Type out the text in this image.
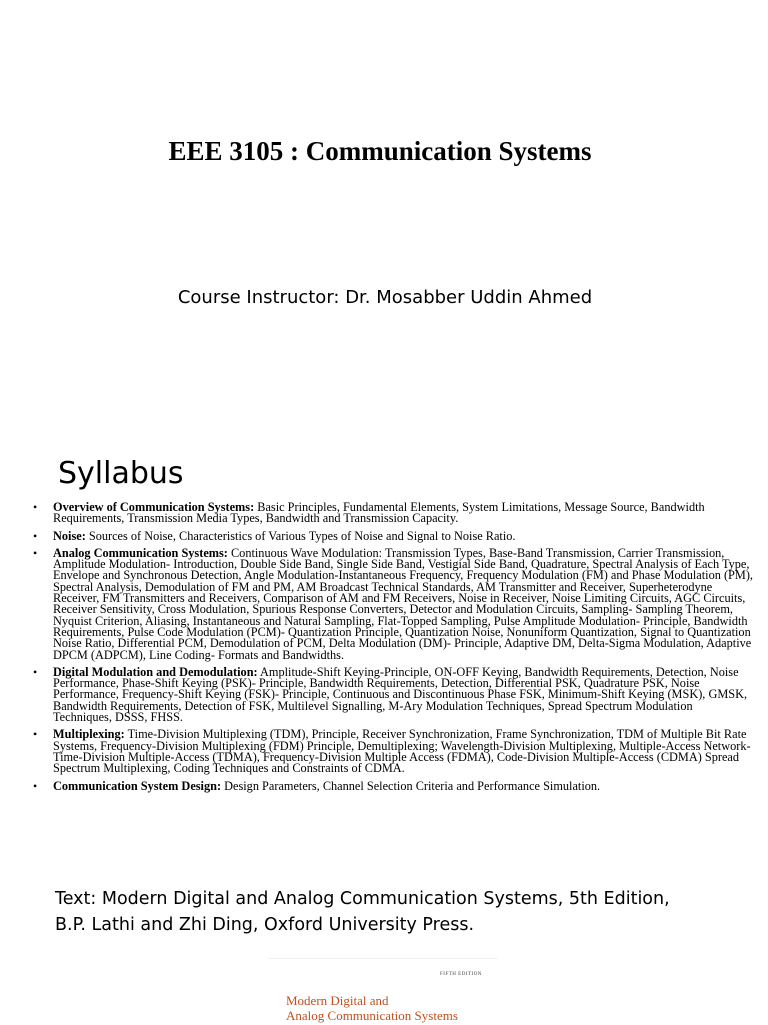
EEE 3105 : Communication Systems
Course Instructor: Dr. Mosabber Uddin Ahmed
Syllabus
• Overview of Communication Systems: Basic Principles, Fundamental Elements, System Limitations, Message Source, Bandwidth Requirements, Transmission Media Types, Bandwidth and Transmission Capacity.
• Noise: Sources of Noise, Characteristics of Various Types of Noise and Signal to Noise Ratio.
• Analog Communication Systems: Continuous Wave Modulation: Transmission Types, Base-Band Transmission, Carrier Transmission, Amplitude Modulation- Introduction, Double Side Band, Single Side Band, Vestigial Side Band, Quadrature, Spectral Analysis of Each Type, Envelope and Synchronous Detection, Angle Modulation-Instantaneous Frequency, Frequency Modulation (FM) and Phase Modulation (PM), Spectral Analysis, Demodulation of FM and PM, AM Broadcast Technical Standards, AM Transmitter and Receiver, Superheterodyne Receiver, FM Transmitters and Receivers, Comparison of AM and FM Receivers, Noise in Receiver, Noise Limiting Circuits, AGC Circuits, Receiver Sensitivity, Cross Modulation, Spurious Response Converters, Detector and Modulation Circuits, Sampling- Sampling Theorem, Nyquist Criterion, Aliasing, Instantaneous and Natural Sampling, Flat-Topped Sampling, Pulse Amplitude Modulation- Principle, Bandwidth Requirements, Pulse Code Modulation (PCM)- Quantization Principle, Quantization Noise, Nonuniform Quantization, Signal to Quantization Noise Ratio, Differential PCM, Demodulation of PCM, Delta Modulation (DM)- Principle, Adaptive DM, Delta-Sigma Modulation, Adaptive DPCM (ADPCM), Line Coding- Formats and Bandwidths.
• Digital Modulation and Demodulation: Amplitude-Shift Keying-Principle, ON-OFF Keying, Bandwidth Requirements, Detection, Noise Performance, Phase-Shift Keying (PSK)- Principle, Bandwidth Requirements, Detection, Differential PSK, Quadrature PSK, Noise Performance, Frequency-Shift Keying (FSK)- Principle, Continuous and Discontinuous Phase FSK, Minimum-Shift Keying (MSK), GMSK, Bandwidth Requirements, Detection of FSK, Multilevel Signalling, M-Ary Modulation Techniques, Spread Spectrum Modulation Techniques, DSSS, FHSS.
• Multiplexing: Time-Division Multiplexing (TDM), Principle, Receiver Synchronization, Frame Synchronization, TDM of Multiple Bit Rate Systems, Frequency-Division Multiplexing (FDM) Principle, Demultiplexing; Wavelength-Division Multiplexing, Multiple-Access Network- Time-Division Multiple-Access (TDMA), Frequency-Division Multiple Access (FDMA), Code-Division Multiple-Access (CDMA) Spread Spectrum Multiplexing, Coding Techniques and Constraints of CDMA.
• Communication System Design: Design Parameters, Channel Selection Criteria and Performance Simulation.
Text: Modern Digital and Analog Communication Systems, 5th Edition,
B.P. Lathi and Zhi Ding, Oxford University Press.
FIFTH EDITION
Modern Digital and
Analog Communication Systems
